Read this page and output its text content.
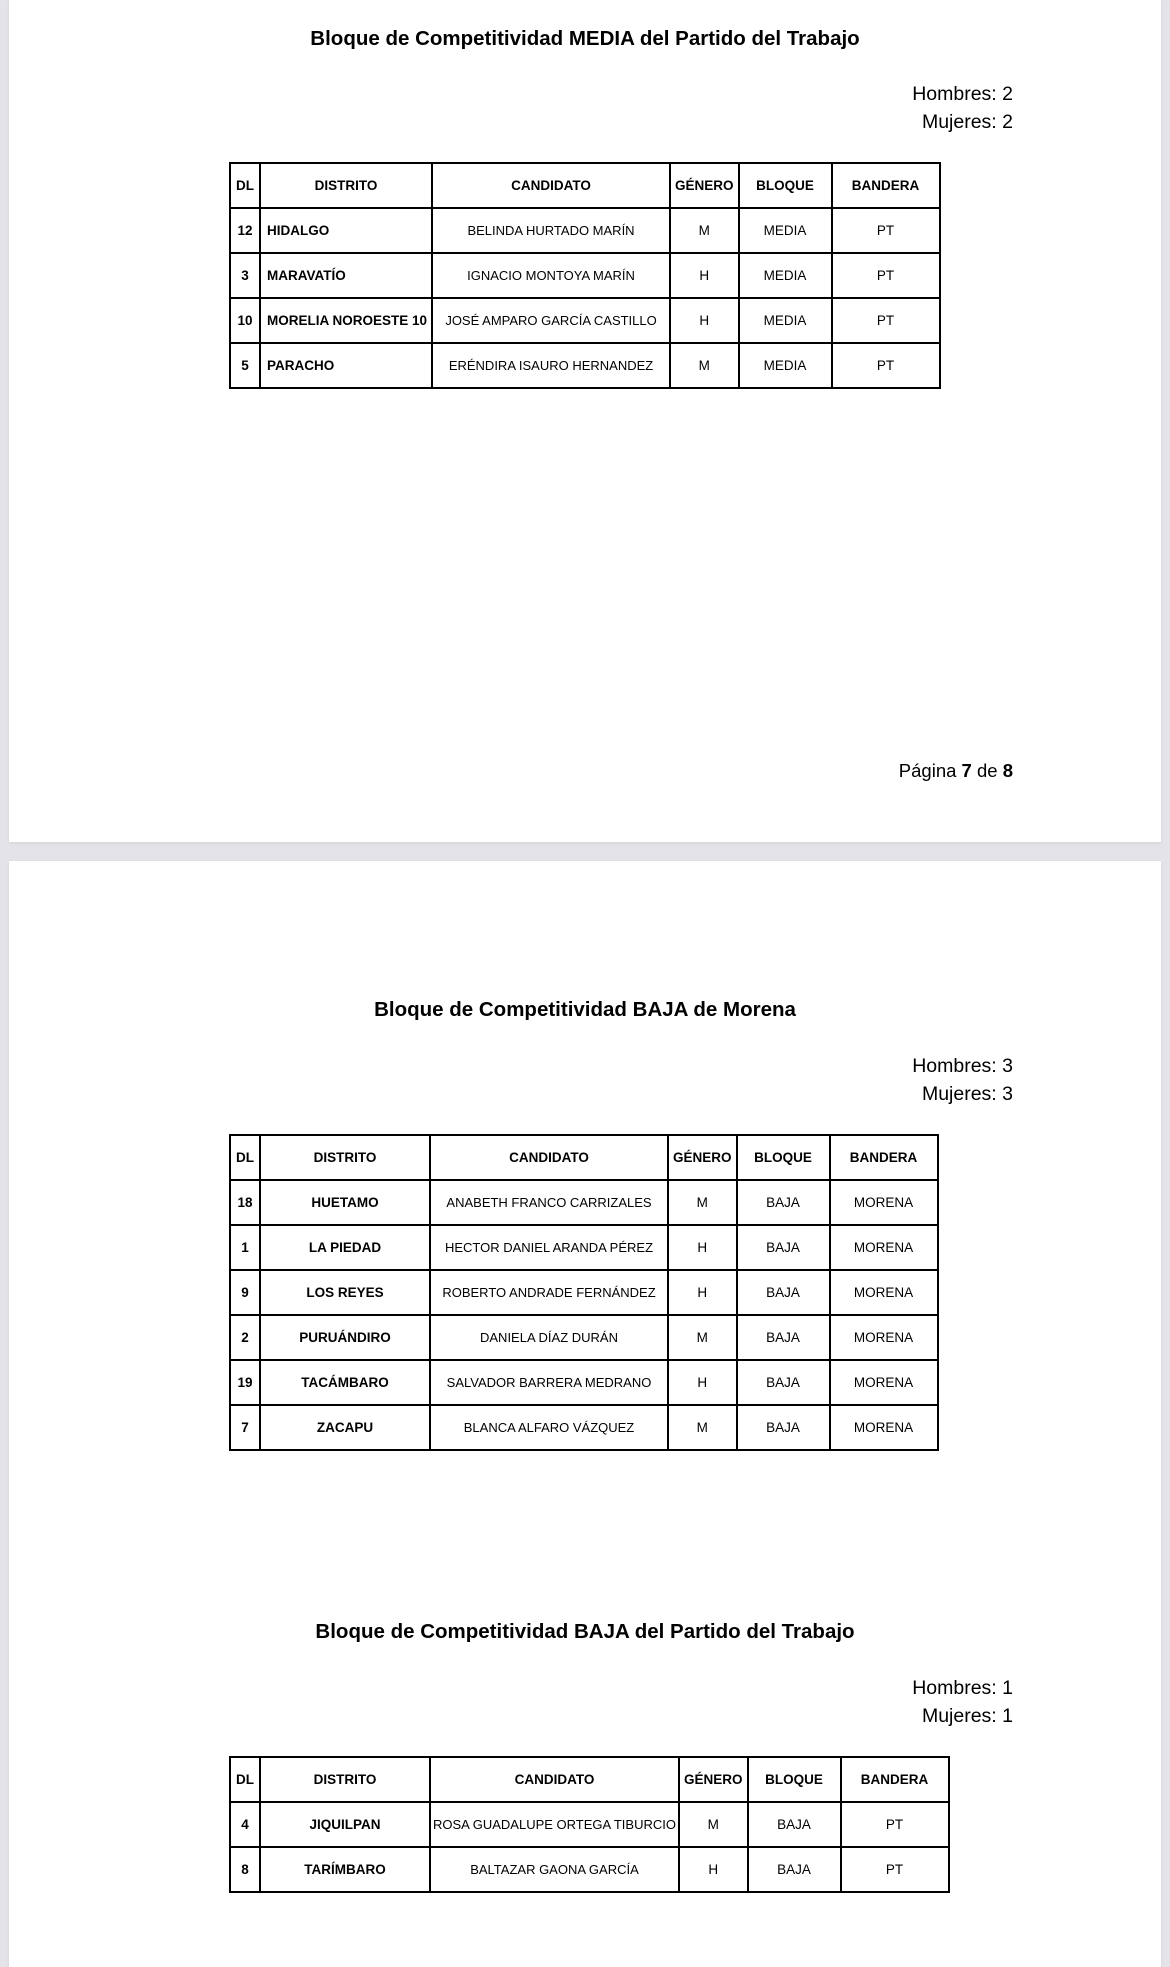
Bloque de Competitividad MEDIA del Partido del Trabajo
Hombres: 2
Mujeres: 2
DL	DISTRITO	CANDIDATO	GÉNERO	BLOQUE	BANDERA
12	HIDALGO	BELINDA HURTADO MARÍN	M	MEDIA	PT
3	MARAVATÍO	IGNACIO MONTOYA MARÍN	H	MEDIA	PT
10	MORELIA NOROESTE 10	JOSÉ AMPARO GARCÍA CASTILLO	H	MEDIA	PT
5	PARACHO	ERÉNDIRA ISAURO HERNANDEZ	M	MEDIA	PT
Página 7 de 8
Bloque de Competitividad BAJA de Morena
Hombres: 3
Mujeres: 3
DL	DISTRITO	CANDIDATO	GÉNERO	BLOQUE	BANDERA
18	HUETAMO	ANABETH FRANCO CARRIZALES	M	BAJA	MORENA
1	LA PIEDAD	HECTOR DANIEL ARANDA PÉREZ	H	BAJA	MORENA
9	LOS REYES	ROBERTO ANDRADE FERNÁNDEZ	H	BAJA	MORENA
2	PURUÁNDIRO	DANIELA DÍAZ DURÁN	M	BAJA	MORENA
19	TACÁMBARO	SALVADOR BARRERA MEDRANO	H	BAJA	MORENA
7	ZACAPU	BLANCA ALFARO VÁZQUEZ	M	BAJA	MORENA
Bloque de Competitividad BAJA del Partido del Trabajo
Hombres: 1
Mujeres: 1
DL	DISTRITO	CANDIDATO	GÉNERO	BLOQUE	BANDERA
4	JIQUILPAN	ROSA GUADALUPE ORTEGA TIBURCIO	M	BAJA	PT
8	TARÍMBARO	BALTAZAR GAONA GARCÍA	H	BAJA	PT
